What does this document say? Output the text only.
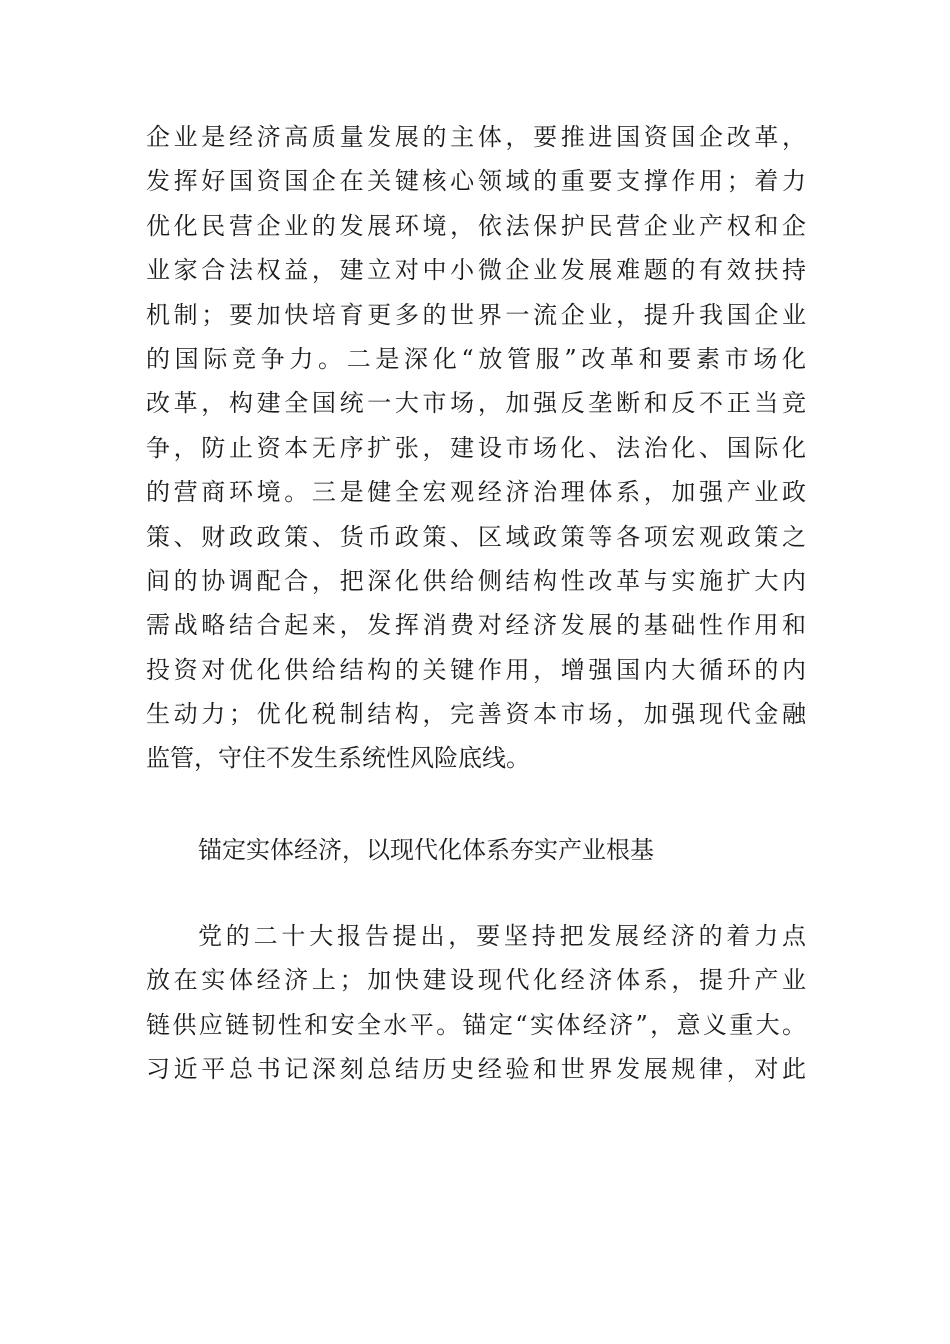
企业是经济高质量发展的主体，要推进国资国企改革，
发挥好国资国企在关键核心领域的重要支撑作用；着力
优化民营企业的发展环境，依法保护民营企业产权和企
业家合法权益，建立对中小微企业发展难题的有效扶持
机制；要加快培育更多的世界一流企业，提升我国企业
的国际竞争力。二是深化“放管服”改革和要素市场化
改革，构建全国统一大市场，加强反垄断和反不正当竞
争，防止资本无序扩张，建设市场化、法治化、国际化
的营商环境。三是健全宏观经济治理体系，加强产业政
策、财政政策、货币政策、区域政策等各项宏观政策之
间的协调配合，把深化供给侧结构性改革与实施扩大内
需战略结合起来，发挥消费对经济发展的基础性作用和
投资对优化供给结构的关键作用，增强国内大循环的内
生动力；优化税制结构，完善资本市场，加强现代金融
监管，守住不发生系统性风险底线。
锚定实体经济，以现代化体系夯实产业根基
党的二十大报告提出，要坚持把发展经济的着力点
放在实体经济上；加快建设现代化经济体系，提升产业
链供应链韧性和安全水平。锚定“实体经济”，意义重大。
习近平总书记深刻总结历史经验和世界发展规律，对此
